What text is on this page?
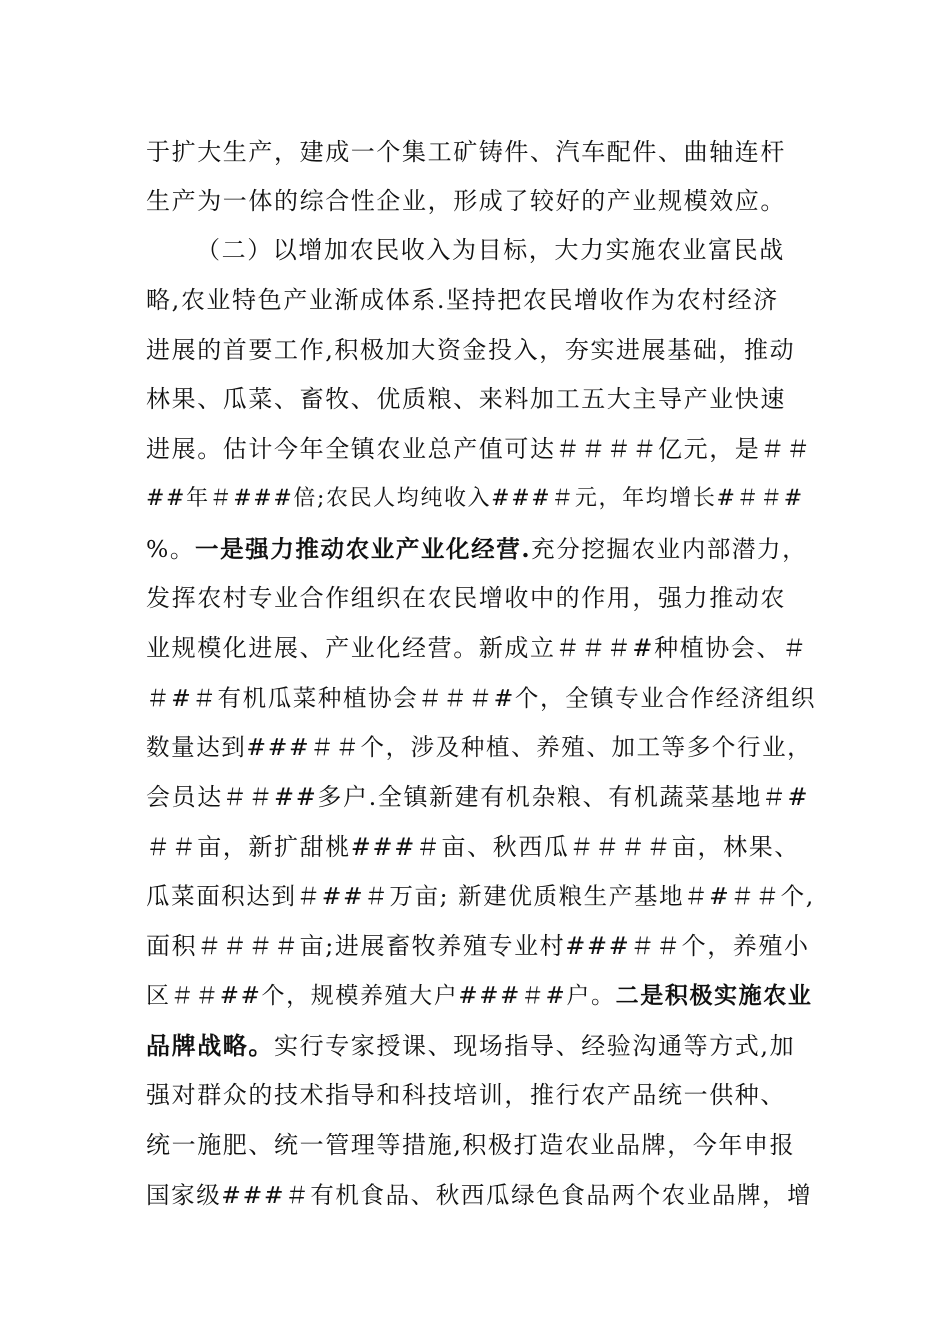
于扩大生产，建成一个集工矿铸件、汽车配件、曲轴连杆
生产为一体的综合性企业，形成了较好的产业规模效应。
（二）以增加农民收入为目标，大力实施农业富民战
略,农业特色产业渐成体系.坚持把农民增收作为农村经济
进展的首要工作,积极加大资金投入，夯实进展基础，推动
林果、瓜菜、畜牧、优质粮、来料加工五大主导产业快速
进展。估计今年全镇农业总产值可达＃＃＃＃亿元，是＃＃
##年＃###倍;农民人均纯收入###＃元，年均增长#＃＃#
%。一是强力推动农业产业化经营.充分挖掘农业内部潜力，
发挥农村专业合作组织在农民增收中的作用，强力推动农
业规模化进展、产业化经营。新成立＃＃＃#种植协会、＃
＃#＃有机瓜菜种植协会＃＃＃#个，全镇专业合作经济组织
数量达到###＃＃个，涉及种植、养殖、加工等多个行业，
会员达＃＃##多户.全镇新建有机杂粮、有机蔬菜基地＃#
＃＃亩，新扩甜桃###＃亩、秋西瓜＃＃＃＃亩，林果、
瓜菜面积达到＃##＃万亩; 新建优质粮生产基地＃#＃＃个,
面积＃＃＃＃亩;进展畜牧养殖专业村###＃＃个，养殖小
区＃＃##个，规模养殖大户###＃#户。二是积极实施农业
品牌战略。实行专家授课、现场指导、经验沟通等方式,加
强对群众的技术指导和科技培训，推行农产品统一供种、
统一施肥、统一管理等措施,积极打造农业品牌，今年申报
国家级###＃有机食品、秋西瓜绿色食品两个农业品牌，增
